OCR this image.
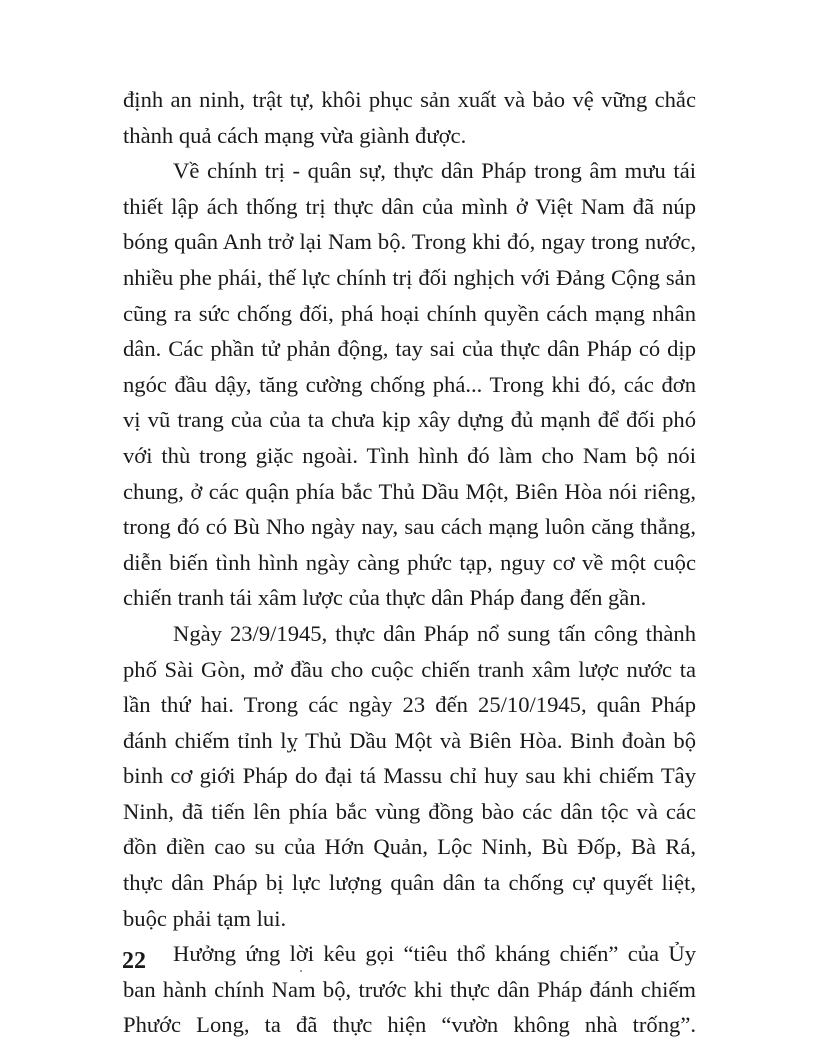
định an ninh, trật tự, khôi phục sản xuất và bảo vệ vững chắc thành quả cách mạng vừa giành được.

Về chính trị - quân sự, thực dân Pháp trong âm mưu tái thiết lập ách thống trị thực dân của mình ở Việt Nam đã núp bóng quân Anh trở lại Nam bộ. Trong khi đó, ngay trong nước, nhiều phe phái, thế lực chính trị đối nghịch với Đảng Cộng sản cũng ra sức chống đối, phá hoại chính quyền cách mạng nhân dân. Các phần tử phản động, tay sai của thực dân Pháp có dịp ngóc đầu dậy, tăng cường chống phá... Trong khi đó, các đơn vị vũ trang của của ta chưa kịp xây dựng đủ mạnh để đối phó với thù trong giặc ngoài. Tình hình đó làm cho Nam bộ nói chung, ở các quận phía bắc Thủ Dầu Một, Biên Hòa nói riêng, trong đó có Bù Nho ngày nay, sau cách mạng luôn căng thẳng, diễn biến tình hình ngày càng phức tạp, nguy cơ về một cuộc chiến tranh tái xâm lược của thực dân Pháp đang đến gần.

Ngày 23/9/1945, thực dân Pháp nổ sung tấn công thành phố Sài Gòn, mở đầu cho cuộc chiến tranh xâm lược nước ta lần thứ hai. Trong các ngày 23 đến 25/10/1945, quân Pháp đánh chiếm tỉnh lỵ Thủ Dầu Một và Biên Hòa. Binh đoàn bộ binh cơ giới Pháp do đại tá Massu chỉ huy sau khi chiếm Tây Ninh, đã tiến lên phía bắc vùng đồng bào các dân tộc và các đồn điền cao su của Hớn Quản, Lộc Ninh, Bù Đốp, Bà Rá, thực dân Pháp bị lực lượng quân dân ta chống cự quyết liệt, buộc phải tạm lui.

Hưởng ứng lời kêu gọi “tiêu thổ kháng chiến” của Ủy ban hành chính Nam bộ, trước khi thực dân Pháp đánh chiếm Phước Long, ta đã thực hiện “vườn không nhà trống”.

22
